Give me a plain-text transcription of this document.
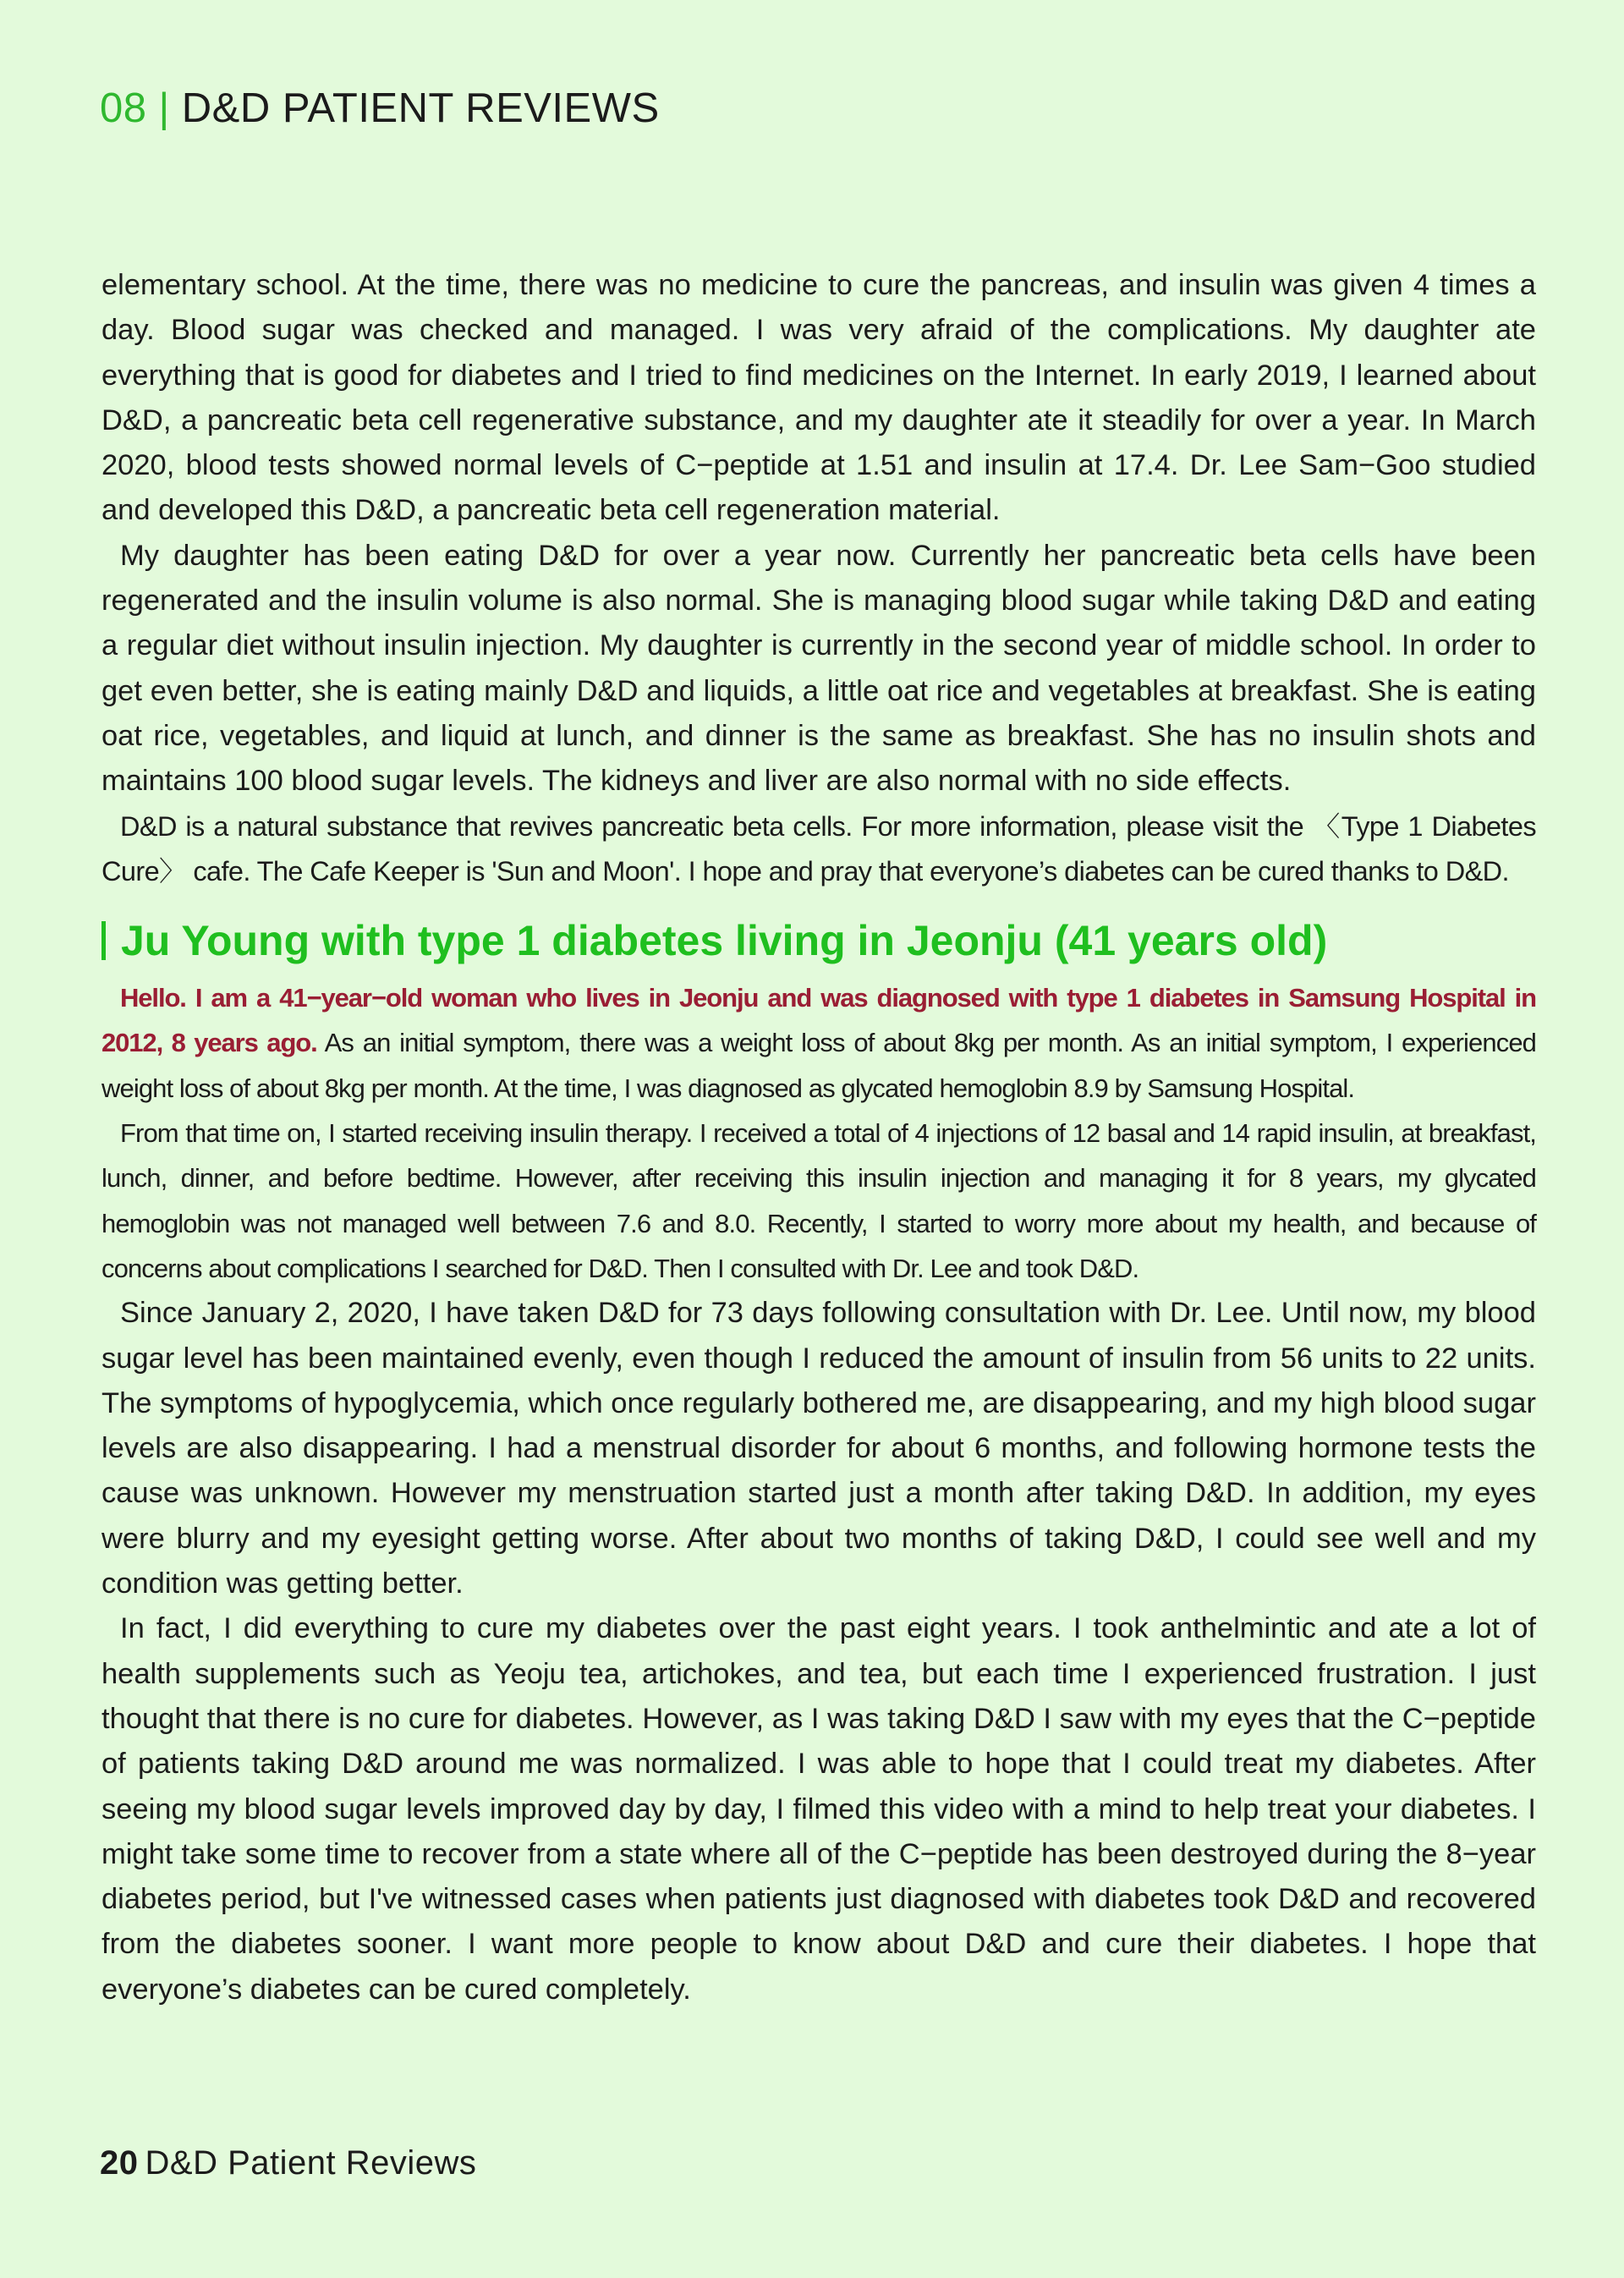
08 | D&D PATIENT REVIEWS

elementary school. At the time, there was no medicine to cure the pancreas, and insulin was given 4 times a day. Blood sugar was checked and managed. I was very afraid of the complications. My daughter ate everything that is good for diabetes and I tried to find medicines on the Internet. In early 2019, I learned about D&D, a pancreatic beta cell regenerative substance, and my daughter ate it steadily for over a year. In March 2020, blood tests showed normal levels of C−peptide at 1.51 and insulin at 17.4. Dr. Lee Sam−Goo studied and developed this D&D, a pancreatic beta cell regeneration material.

My daughter has been eating D&D for over a year now. Currently her pancreatic beta cells have been regenerated and the insulin volume is also normal. She is managing blood sugar while taking D&D and eating a regular diet without insulin injection. My daughter is currently in the second year of middle school. In order to get even better, she is eating mainly D&D and liquids, a little oat rice and vegetables at breakfast. She is eating oat rice, vegetables, and liquid at lunch, and dinner is the same as breakfast. She has no insulin shots and maintains 100 blood sugar levels. The kidneys and liver are also normal with no side effects.

D&D is a natural substance that revives pancreatic beta cells. For more information, please visit the 〈Type 1 Diabetes Cure〉 cafe. The Cafe Keeper is 'Sun and Moon'. I hope and pray that everyone’s diabetes can be cured thanks to D&D.

Ju Young with type 1 diabetes living in Jeonju (41 years old)

Hello. I am a 41−year−old woman who lives in Jeonju and was diagnosed with type 1 diabetes in Samsung Hospital in 2012, 8 years ago. As an initial symptom, there was a weight loss of about 8kg per month. As an initial symptom, I experienced weight loss of about 8kg per month. At the time, I was diagnosed as glycated hemoglobin 8.9 by Samsung Hospital.

From that time on, I started receiving insulin therapy. I received a total of 4 injections of 12 basal and 14 rapid insulin, at breakfast, lunch, dinner, and before bedtime. However, after receiving this insulin injection and managing it for 8 years, my glycated hemoglobin was not managed well between 7.6 and 8.0. Recently, I started to worry more about my health, and because of concerns about complications I searched for D&D. Then I consulted with Dr. Lee and took D&D.

Since January 2, 2020, I have taken D&D for 73 days following consultation with Dr. Lee. Until now, my blood sugar level has been maintained evenly, even though I reduced the amount of insulin from 56 units to 22 units. The symptoms of hypoglycemia, which once regularly bothered me, are disappearing, and my high blood sugar levels are also disappearing. I had a menstrual disorder for about 6 months, and following hormone tests the cause was unknown. However my menstruation started just a month after taking D&D. In addition, my eyes were blurry and my eyesight getting worse. After about two months of taking D&D, I could see well and my condition was getting better.

In fact, I did everything to cure my diabetes over the past eight years. I took anthelmintic and ate a lot of health supplements such as Yeoju tea, artichokes, and tea, but each time I experienced frustration. I just thought that there is no cure for diabetes. However, as I was taking D&D I saw with my eyes that the C−peptide of patients taking D&D around me was normalized. I was able to hope that I could treat my diabetes. After seeing my blood sugar levels improved day by day, I filmed this video with a mind to help treat your diabetes. I might take some time to recover from a state where all of the C−peptide has been destroyed during the 8−year diabetes period, but I've witnessed cases when patients just diagnosed with diabetes took D&D and recovered from the diabetes sooner. I want more people to know about D&D and cure their diabetes. I hope that everyone’s diabetes can be cured completely.

20 D&D Patient Reviews
